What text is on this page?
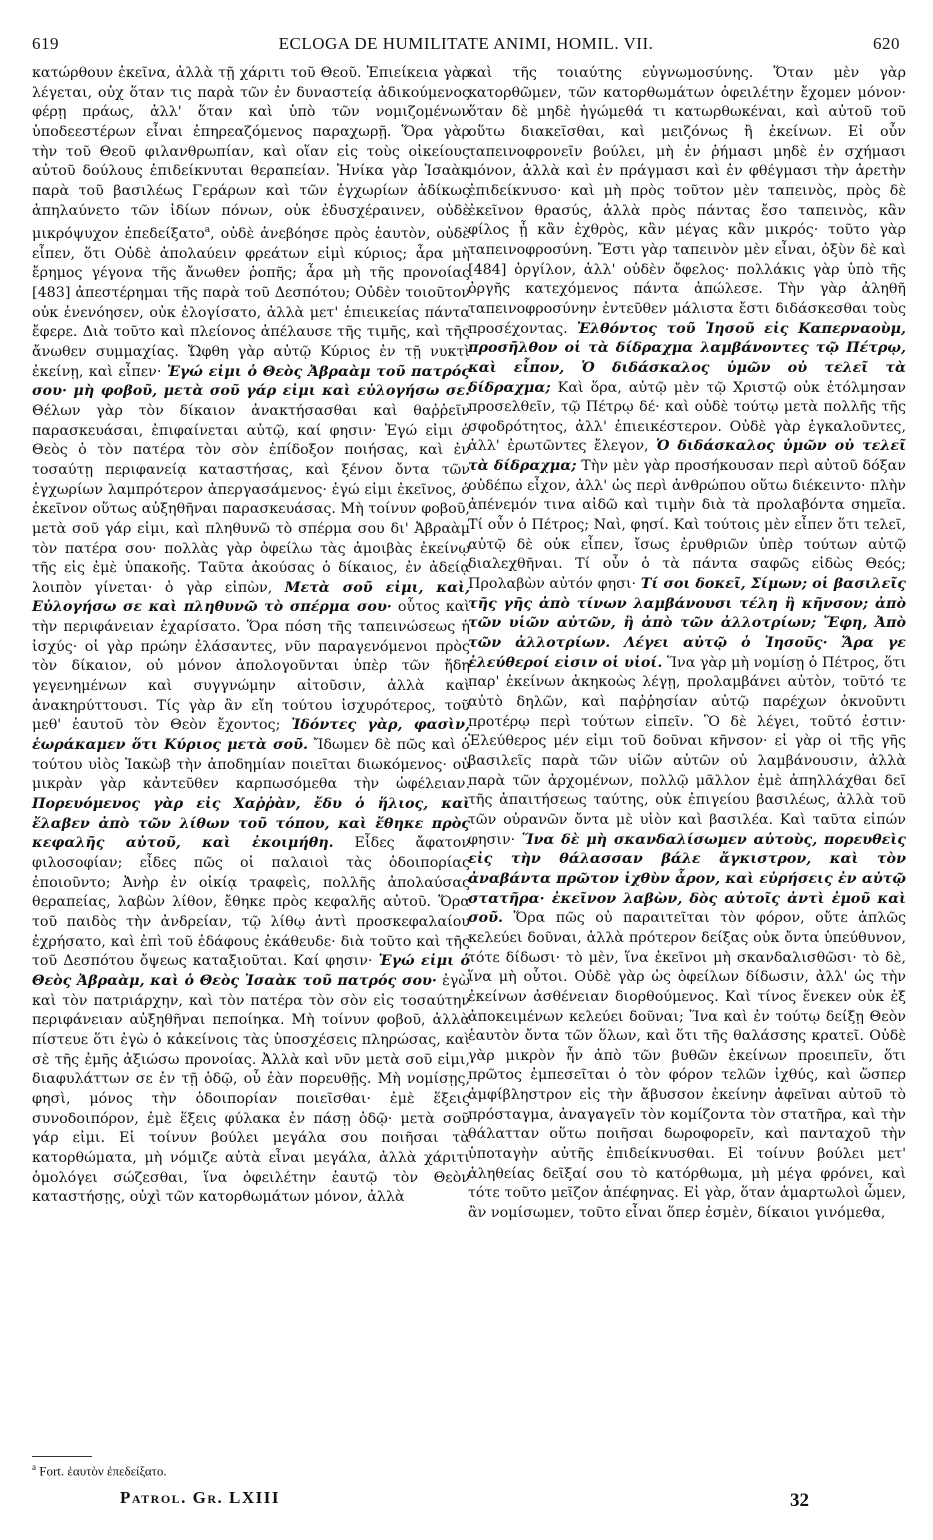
619	ECLOGA DE HUMILITATE ANIMI, HOMIL. VII.	620

κατώρθουν ἐκεῖνα, ἀλλὰ τῇ χάριτι τοῦ Θεοῦ. Ἐπιείκεια γὰρ λέγεται, οὐχ ὅταν τις παρὰ τῶν ἐν δυναστείᾳ ἀδικούμενος φέρῃ πράως, ἀλλ' ὅταν καὶ ὑπὸ τῶν νομιζομένων ὑποδεεστέρων εἶναι ἐπηρεαζόμενος παραχωρῇ. Ὅρα γὰρ τὴν τοῦ Θεοῦ φιλανθρωπίαν, καὶ οἵαν εἰς τοὺς οἰκείους αὐτοῦ δούλους ἐπιδείκνυται θεραπείαν. Ἡνίκα γὰρ Ἰσαὰκ παρὰ τοῦ βασιλέως Γεράρων καὶ τῶν ἐγχωρίων ἀδίκως ἀπηλαύνετο τῶν ἰδίων πόνων, οὐκ ἐδυσχέραινεν, οὐδὲ μικρόψυχον ἐπεδείξατο$^a$, οὐδὲ ἀνεβόησε πρὸς ἑαυτὸν, οὐδὲ εἶπεν, ὅτι Οὐδὲ ἀπολαύειν φρεάτων εἰμὶ κύριος; ἆρα μὴ ἔρημος γέγονα τῆς ἄνωθεν ῥοπῆς; ἆρα μὴ τῆς προνοίας [483] ἀπεστέρημαι τῆς παρὰ τοῦ Δεσπότου; Οὐδὲν τοιοῦτον οὐκ ἐνενόησεν, οὐκ ἐλογίσατο, ἀλλὰ μετ' ἐπιεικείας πάντα ἔφερε. Διὰ τοῦτο καὶ πλείονος ἀπέλαυσε τῆς τιμῆς, καὶ τῆς ἄνωθεν συμμαχίας. Ὤφθη γὰρ αὐτῷ Κύριος ἐν τῇ νυκτὶ ἐκείνῃ, καὶ εἶπεν· Ἐγώ εἰμι ὁ Θεὸς Ἀβραὰμ τοῦ πατρός σου· μὴ φοβοῦ, μετὰ σοῦ γάρ εἰμι καὶ εὐλογήσω σε. Θέλων γὰρ τὸν δίκαιον ἀνακτήσασθαι καὶ θαῤῥεῖν παρασκευάσαι, ἐπιφαίνεται αὐτῷ, καί φησιν· Ἐγώ εἰμι ὁ Θεὸς ὁ τὸν πατέρα τὸν σὸν ἐπίδοξον ποιήσας, καὶ ἐν τοσαύτῃ περιφανείᾳ καταστήσας, καὶ ξένον ὄντα τῶν ἐγχωρίων λαμπρότερον ἀπεργασάμενος· ἐγώ εἰμι ἐκεῖνος, ὁ ἐκεῖνον οὕτως αὐξηθῆναι παρασκευάσας. Μὴ τοίνυν φοβοῦ, μετὰ σοῦ γάρ εἰμι, καὶ πληθυνῶ τὸ σπέρμα σου δι' Ἀβραὰμ τὸν πατέρα σου· πολλὰς γὰρ ὀφείλω τὰς ἀμοιβὰς ἐκείνῳ τῆς εἰς ἐμὲ ὑπακοῆς. Ταῦτα ἀκούσας ὁ δίκαιος, ἐν ἀδείᾳ λοιπὸν γίνεται· ὁ γὰρ εἰπὼν, Μετὰ σοῦ εἰμι, καὶ, Εὐλογήσω σε καὶ πληθυνῶ τὸ σπέρμα σου· οὗτος καὶ τὴν περιφάνειαν ἐχαρίσατο. Ὅρα πόση τῆς ταπεινώσεως ἡ ἰσχύς· οἱ γὰρ πρώην ἐλάσαντες, νῦν παραγενόμενοι πρὸς τὸν δίκαιον, οὐ μόνον ἀπολογοῦνται ὑπὲρ τῶν ἤδη γεγενημένων καὶ συγγνώμην αἰτοῦσιν, ἀλλὰ καὶ ἀνακηρύττουσι. Τίς γὰρ ἂν εἴη τούτου ἰσχυρότερος, τοῦ μεθ' ἑαυτοῦ τὸν Θεὸν ἔχοντος; Ἰδόντες γὰρ, φασὶν, ἑωράκαμεν ὅτι Κύριος μετὰ σοῦ. Ἴδωμεν δὲ πῶς καὶ ὁ τούτου υἱὸς Ἰακὼβ τὴν ἀποδημίαν ποιεῖται διωκόμενος· οὐ μικρὰν γὰρ κἀντεῦθεν καρπωσόμεθα τὴν ὠφέλειαν. Πορευόμενος γὰρ εἰς Χαῤῥὰν, ἔδυ ὁ ἥλιος, καὶ ἔλαβεν ἀπὸ τῶν λίθων τοῦ τόπου, καὶ ἔθηκε πρὸς κεφαλῆς αὐτοῦ, καὶ ἐκοιμήθη. Εἶδες ἄφατον φιλοσοφίαν; εἶδες πῶς οἱ παλαιοὶ τὰς ὁδοιπορίας ἐποιοῦντο; Ἀνὴρ ἐν οἰκίᾳ τραφεὶς, πολλῆς ἀπολαύσας θεραπείας, λαβὼν λίθον, ἔθηκε πρὸς κεφαλῆς αὐτοῦ. Ὅρα τοῦ παιδὸς τὴν ἀνδρείαν, τῷ λίθῳ ἀντὶ προσκεφαλαίου ἐχρήσατο, καὶ ἐπὶ τοῦ ἐδάφους ἐκάθευδε· διὰ τοῦτο καὶ τῆς τοῦ Δεσπότου ὄψεως καταξιοῦται. Καί φησιν· Ἐγώ εἰμι ὁ Θεὸς Ἀβραὰμ, καὶ ὁ Θεὸς Ἰσαὰκ τοῦ πατρός σου· ἐγὼ καὶ τὸν πατριάρχην, καὶ τὸν πατέρα τὸν σὸν εἰς τοσαύτην περιφάνειαν αὐξηθῆναι πεποίηκα. Μὴ τοίνυν φοβοῦ, ἀλλὰ πίστευε ὅτι ἐγὼ ὁ κἀκείνοις τὰς ὑποσχέσεις πληρώσας, καὶ σὲ τῆς ἐμῆς ἀξιώσω προνοίας. Ἀλλὰ καὶ νῦν μετὰ σοῦ εἰμι, διαφυλάττων σε ἐν τῇ ὁδῷ, οὗ ἐὰν πορευθῇς. Μὴ νομίσῃς, φησὶ, μόνος τὴν ὁδοιπορίαν ποιεῖσθαι· ἐμὲ ἕξεις συνοδοιπόρον, ἐμὲ ἕξεις φύλακα ἐν πάσῃ ὁδῷ· μετὰ σοῦ γάρ εἰμι. Εἰ τοίνυν βούλει μεγάλα σου ποιῆσαι τὰ κατορθώματα, μὴ νόμιζε αὐτὰ εἶναι μεγάλα, ἀλλὰ χάριτι ὁμολόγει σώζεσθαι, ἵνα ὀφειλέτην ἑαυτῷ τὸν Θεὸν καταστήσῃς, οὐχὶ τῶν κατορθωμάτων μόνον, ἀλλὰ

καὶ τῆς τοιαύτης εὐγνωμοσύνης. Ὅταν μὲν γὰρ κατορθῶμεν, τῶν κατορθωμάτων ὀφειλέτην ἔχομεν μόνον· ὅταν δὲ μηδὲ ἡγώμεθά τι κατωρθωκέναι, καὶ αὐτοῦ τοῦ οὕτω διακεῖσθαι, καὶ μειζόνως ἢ ἐκείνων. Εἰ οὖν ταπεινοφρονεῖν βούλει, μὴ ἐν ῥήμασι μηδὲ ἐν σχήμασι μόνον, ἀλλὰ καὶ ἐν πράγμασι καὶ ἐν φθέγμασι τὴν ἀρετὴν ἐπιδείκνυσο· καὶ μὴ πρὸς τοῦτον μὲν ταπεινὸς, πρὸς δὲ ἐκεῖνον θρασύς, ἀλλὰ πρὸς πάντας ἔσο ταπεινὸς, κἂν φίλος ᾖ κἂν ἐχθρὸς, κἂν μέγας κἂν μικρός· τοῦτο γὰρ ταπεινοφροσύνη. Ἔστι γὰρ ταπεινὸν μὲν εἶναι, ὀξὺν δὲ καὶ [484] ὀργίλον, ἀλλ' οὐδὲν ὄφελος· πολλάκις γὰρ ὑπὸ τῆς ὀργῆς κατεχόμενος πάντα ἀπώλεσε. Τὴν γὰρ ἀληθῆ ταπεινοφροσύνην ἐντεῦθεν μάλιστα ἔστι διδάσκεσθαι τοὺς προσέχοντας. Ἐλθόντος τοῦ Ἰησοῦ εἰς Καπερναοὺμ, προσῆλθον οἱ τὰ δίδραχμα λαμβάνοντες τῷ Πέτρῳ, καὶ εἶπον, Ὁ διδάσκαλος ὑμῶν οὐ τελεῖ τὰ δίδραχμα; Καὶ ὅρα, αὐτῷ μὲν τῷ Χριστῷ οὐκ ἐτόλμησαν προσελθεῖν, τῷ Πέτρῳ δέ· καὶ οὐδὲ τούτῳ μετὰ πολλῆς τῆς σφοδρότητος, ἀλλ' ἐπιεικέστερον. Οὐδὲ γὰρ ἐγκαλοῦντες, ἀλλ' ἐρωτῶντες ἔλεγον, Ὁ διδάσκαλος ὑμῶν οὐ τελεῖ τὰ δίδραχμα; Τὴν μὲν γὰρ προσήκουσαν περὶ αὐτοῦ δόξαν οὐδέπω εἶχον, ἀλλ' ὡς περὶ ἀνθρώπου οὕτω διέκειντο· πλὴν ἀπένεμόν τινα αἰδῶ καὶ τιμὴν διὰ τὰ προλαβόντα σημεῖα. Τί οὖν ὁ Πέτρος; Ναὶ, φησί. Καὶ τούτοις μὲν εἶπεν ὅτι τελεῖ, αὐτῷ δὲ οὐκ εἶπεν, ἴσως ἐρυθριῶν ὑπὲρ τούτων αὐτῷ διαλεχθῆναι. Τί οὖν ὁ τὰ πάντα σαφῶς εἰδὼς Θεός; Προλαβὼν αὐτόν φησι· Τί σοι δοκεῖ, Σίμων; οἱ βασιλεῖς τῆς γῆς ἀπὸ τίνων λαμβάνουσι τέλη ἢ κῆνσον; ἀπὸ τῶν υἱῶν αὐτῶν, ἢ ἀπὸ τῶν ἀλλοτρίων; Ἔφη, Ἀπὸ τῶν ἀλλοτρίων. Λέγει αὐτῷ ὁ Ἰησοῦς· Ἄρα γε ἐλεύθεροί εἰσιν οἱ υἱοί. Ἵνα γὰρ μὴ νομίσῃ ὁ Πέτρος, ὅτι παρ' ἐκείνων ἀκηκοὼς λέγῃ, προλαμβάνει αὐτὸν, τοῦτό τε αὐτὸ δηλῶν, καὶ παῤῥησίαν αὐτῷ παρέχων ὀκνοῦντι προτέρῳ περὶ τούτων εἰπεῖν. Ὃ δὲ λέγει, τοῦτό ἐστιν· Ἐλεύθερος μέν εἰμι τοῦ δοῦναι κῆνσον· εἰ γὰρ οἱ τῆς γῆς βασιλεῖς παρὰ τῶν υἱῶν αὐτῶν οὐ λαμβάνουσιν, ἀλλὰ παρὰ τῶν ἀρχομένων, πολλῷ μᾶλλον ἐμὲ ἀπηλλάχθαι δεῖ τῆς ἀπαιτήσεως ταύτης, οὐκ ἐπιγείου βασιλέως, ἀλλὰ τοῦ τῶν οὐρανῶν ὄντα μὲ υἱὸν καὶ βασιλέα. Καὶ ταῦτα εἰπών φησιν· Ἵνα δὲ μὴ σκανδαλίσωμεν αὐτοὺς, πορευθεὶς εἰς τὴν θάλασσαν βάλε ἄγκιστρον, καὶ τὸν ἀναβάντα πρῶτον ἰχθὺν ἆρον, καὶ εὑρήσεις ἐν αὐτῷ στατῆρα· ἐκεῖνον λαβὼν, δὸς αὐτοῖς ἀντὶ ἐμοῦ καὶ σοῦ. Ὅρα πῶς οὐ παραιτεῖται τὸν φόρον, οὔτε ἁπλῶς κελεύει δοῦναι, ἀλλὰ πρότερον δείξας οὐκ ὄντα ὑπεύθυνον, τότε δίδωσι· τὸ μὲν, ἵνα ἐκεῖνοι μὴ σκανδαλισθῶσι· τὸ δὲ, ἵνα μὴ οὗτοι. Οὐδὲ γὰρ ὡς ὀφείλων δίδωσιν, ἀλλ' ὡς τὴν ἐκείνων ἀσθένειαν διορθούμενος. Καὶ τίνος ἕνεκεν οὐκ ἐξ ἀποκειμένων κελεύει δοῦναι; Ἵνα καὶ ἐν τούτῳ δείξῃ Θεὸν ἑαυτὸν ὄντα τῶν ὅλων, καὶ ὅτι τῆς θαλάσσης κρατεῖ. Οὐδὲ γὰρ μικρὸν ἦν ἀπὸ τῶν βυθῶν ἐκείνων προειπεῖν, ὅτι πρῶτος ἐμπεσεῖται ὁ τὸν φόρον τελῶν ἰχθύς, καὶ ὥσπερ ἀμφίβληστρον εἰς τὴν ἄβυσσον ἐκείνην ἀφεῖναι αὐτοῦ τὸ πρόσταγμα, ἀναγαγεῖν τὸν κομίζοντα τὸν στατῆρα, καὶ τὴν θάλατταν οὕτω ποιῆσαι δωροφορεῖν, καὶ πανταχοῦ τὴν ὑποταγὴν αὐτῆς ἐπιδείκνυσθαι. Εἰ τοίνυν βούλει μετ' ἀληθείας δεῖξαί σου τὸ κατόρθωμα, μὴ μέγα φρόνει, καὶ τότε τοῦτο μεῖζον ἀπέφηνας. Εἰ γὰρ, ὅταν ἁμαρτωλοὶ ὦμεν, ἂν νομίσωμεν, τοῦτο εἶναι ὅπερ ἐσμὲν, δίκαιοι γινόμεθα,

$^a$ Fort. ἑαυτὸν ἐπεδείξατο.
Patrol. Gr. LXIII	32
